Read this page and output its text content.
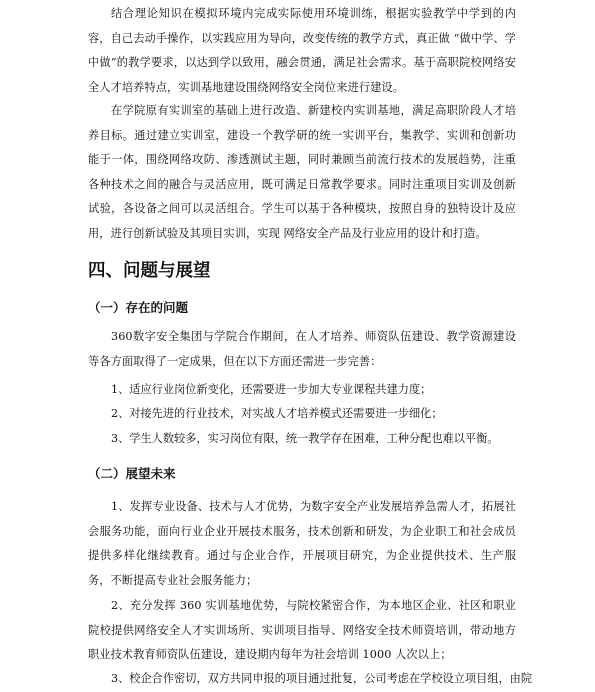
结合理论知识在模拟环境内完成实际使用环境训练，根据实验教学中学到的内容，自己去动手操作，以实践应用为导向，改变传统的教学方式，真正做 “做中学、学中做”的教学要求，以达到学以致用，融会贯通，满足社会需求。基于高职院校网络安全人才培养特点，实训基地建设围绕网络安全岗位来进行建设。

在学院原有实训室的基础上进行改造、新建校内实训基地，满足高职阶段人才培养目标。通过建立实训室，建设一个教学研的统一实训平台，集教学、实训和创新功能于一体，围绕网络攻防、渗透测试主题，同时兼顾当前流行技术的发展趋势，注重各种技术之间的融合与灵活应用，既可满足日常教学要求。同时注重项目实训及创新试验，各设备之间可以灵活组合。学生可以基于各种模块，按照自身的独特设计及应用，进行创新试验及其项目实训，实现 网络安全产品及行业应用的设计和打造。

四、问题与展望
（一）存在的问题

360数字安全集团与学院合作期间，在人才培养、师资队伍建设、教学资源建设等各方面取得了一定成果，但在以下方面还需进一步完善：

1、适应行业岗位新变化，还需要进一步加大专业课程共建力度；

2、对接先进的行业技术，对实战人才培养模式还需要进一步细化；

3、学生人数较多，实习岗位有限，统一教学存在困难，工种分配也难以平衡。

（二）展望未来

1、发挥专业设备、技术与人才优势，为数字安全产业发展培养急需人才，拓展社会服务功能，面向行业企业开展技术服务，技术创新和研发，为企业职工和社会成员提供多样化继续教育。通过与企业合作，开展项目研究，为企业提供技术、生产服务，不断提高专业社会服务能力；

2、充分发挥 360 实训基地优势，与院校紧密合作，为本地区企业、社区和职业院校提供网络安全人才实训场所、实训项目指导、网络安全技术师资培训，带动地方职业技术教育师资队伍建设，建设期内每年为社会培训 1000 人次以上；

3、校企合作密切，双方共同申报的项目通过批复，公司考虑在学校设立项目组，由院
